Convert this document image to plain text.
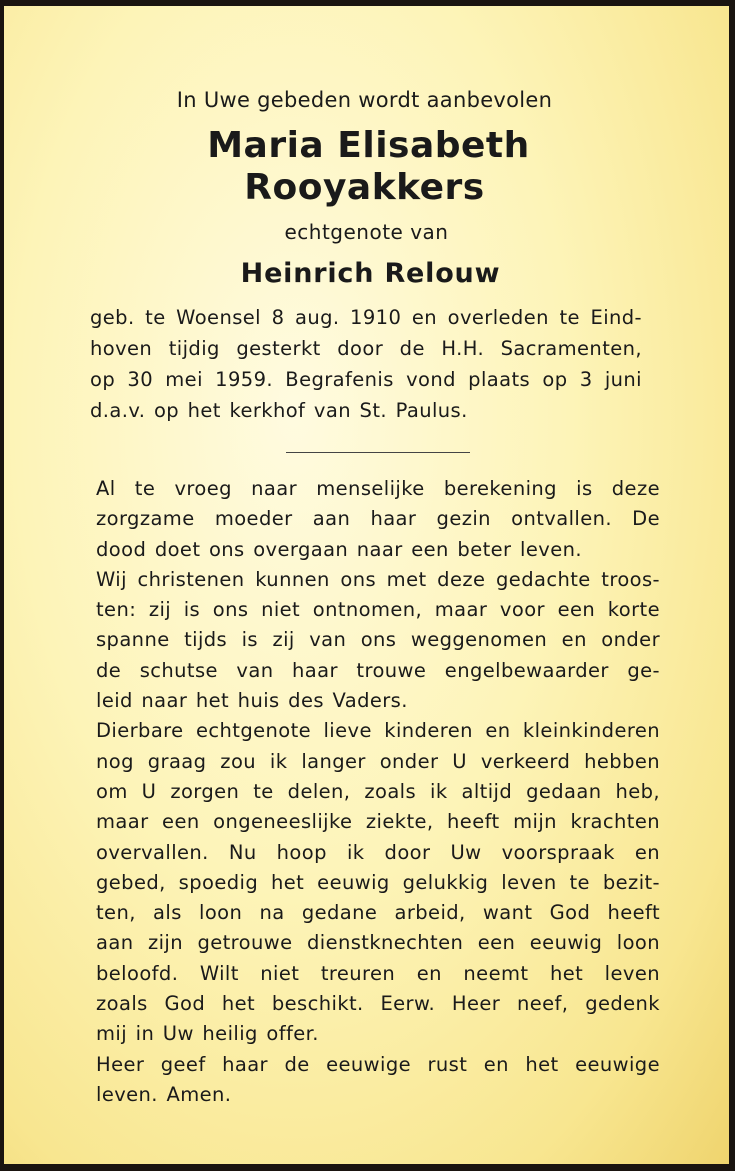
In Uwe gebeden wordt aanbevolen
Maria Elisabeth
Rooyakkers
echtgenote van
Heinrich Relouw
geb. te Woensel 8 aug. 1910 en overleden te Eind-
hoven tijdig gesterkt door de H.H. Sacramenten,
op 30 mei 1959. Begrafenis vond plaats op 3 juni
d.a.v. op het kerkhof van St. Paulus.
Al te vroeg naar menselijke berekening is deze
zorgzame moeder aan haar gezin ontvallen. De
dood doet ons overgaan naar een beter leven.
Wij christenen kunnen ons met deze gedachte troos-
ten: zij is ons niet ontnomen, maar voor een korte
spanne tijds is zij van ons weggenomen en onder
de schutse van haar trouwe engelbewaarder ge-
leid naar het huis des Vaders.
Dierbare echtgenote lieve kinderen en kleinkinderen
nog graag zou ik langer onder U verkeerd hebben
om U zorgen te delen, zoals ik altijd gedaan heb,
maar een ongeneeslijke ziekte, heeft mijn krachten
overvallen. Nu hoop ik door Uw voorspraak en
gebed, spoedig het eeuwig gelukkig leven te bezit-
ten, als loon na gedane arbeid, want God heeft
aan zijn getrouwe dienstknechten een eeuwig loon
beloofd. Wilt niet treuren en neemt het leven
zoals God het beschikt. Eerw. Heer neef, gedenk
mij in Uw heilig offer.
Heer geef haar de eeuwige rust en het eeuwige
leven. Amen.
